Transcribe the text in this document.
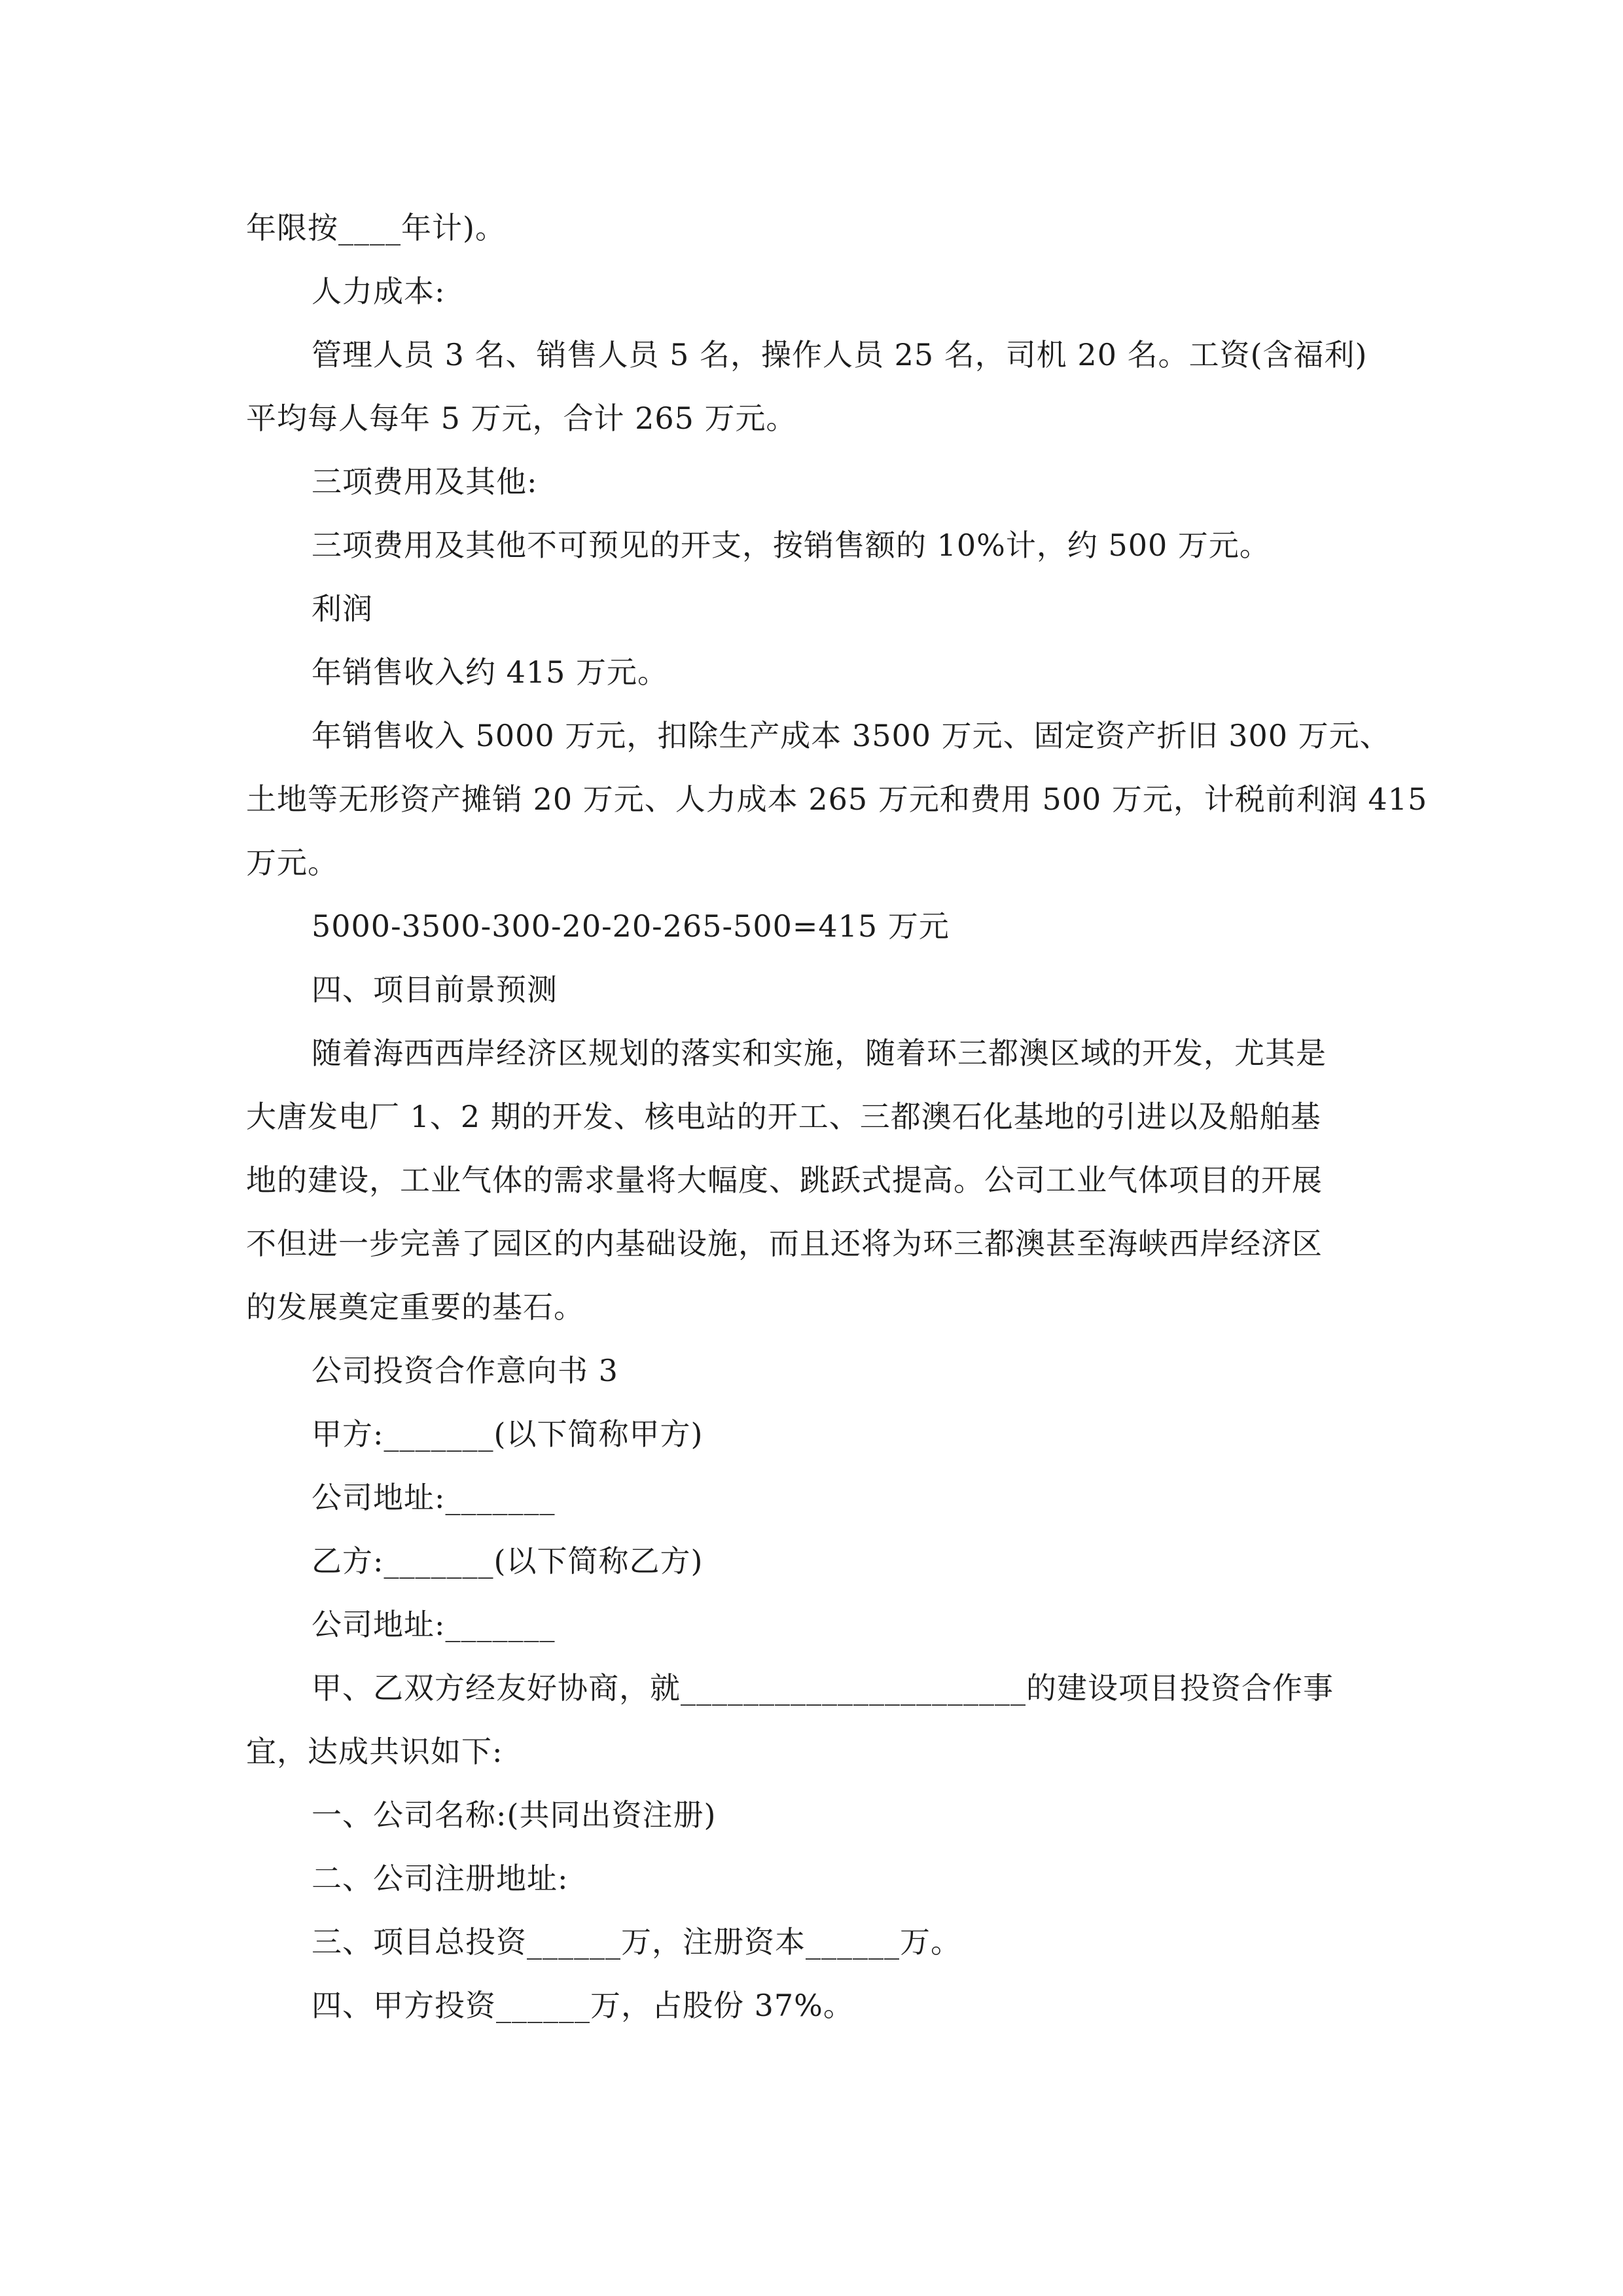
年限按____年计)。
人力成本:
管理人员 3 名、销售人员 5 名，操作人员 25 名，司机 20 名。工资(含福利)
平均每人每年 5 万元，合计 265 万元。
三项费用及其他:
三项费用及其他不可预见的开支，按销售额的 10%计，约 500 万元。
利润
年销售收入约 415 万元。
年销售收入 5000 万元，扣除生产成本 3500 万元、固定资产折旧 300 万元、
土地等无形资产摊销 20 万元、人力成本 265 万元和费用 500 万元，计税前利润 415
万元。
5000-3500-300-20-20-265-500=415 万元
四、项目前景预测
随着海西西岸经济区规划的落实和实施，随着环三都澳区域的开发，尤其是
大唐发电厂 1、2 期的开发、核电站的开工、三都澳石化基地的引进以及船舶基
地的建设，工业气体的需求量将大幅度、跳跃式提高。公司工业气体项目的开展
不但进一步完善了园区的内基础设施，而且还将为环三都澳甚至海峡西岸经济区
的发展奠定重要的基石。
公司投资合作意向书 3
甲方:_______(以下简称甲方)
公司地址:_______
乙方:_______(以下简称乙方)
公司地址:_______
甲、乙双方经友好协商，就______________________的建设项目投资合作事
宜，达成共识如下:
一、公司名称:(共同出资注册)
二、公司注册地址:
三、项目总投资______万，注册资本______万。
四、甲方投资______万，占股份 37%。
